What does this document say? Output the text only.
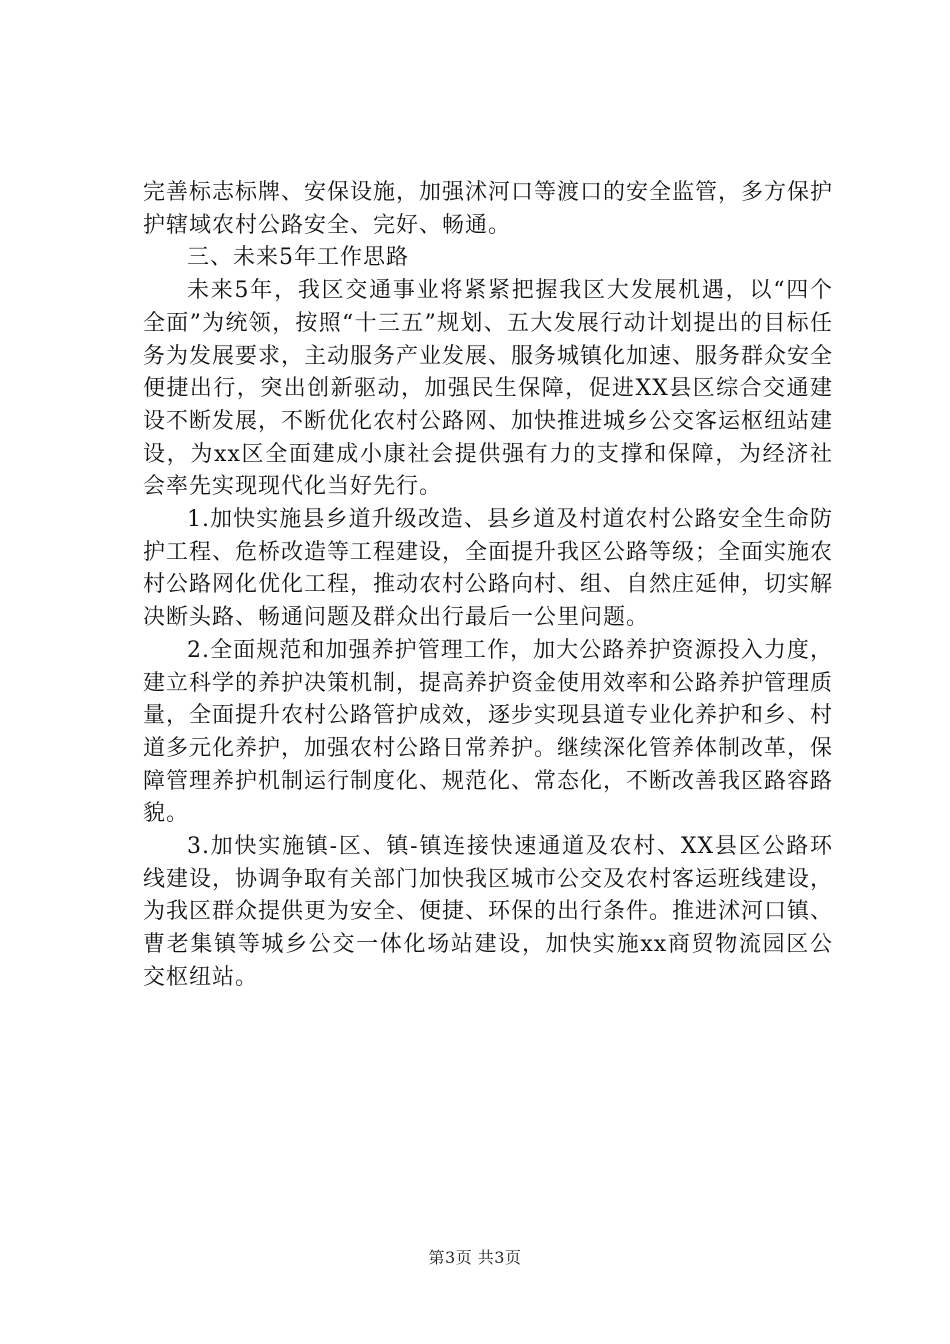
完善标志标牌、安保设施，加强沭河口等渡口的安全监管，多方保护护辖域农村公路安全、完好、畅通。

三、未来5年工作思路

未来5年，我区交通事业将紧紧把握我区大发展机遇，以“四个全面”为统领，按照“十三五”规划、五大发展行动计划提出的目标任务为发展要求，主动服务产业发展、服务城镇化加速、服务群众安全便捷出行，突出创新驱动，加强民生保障，促进XX县区综合交通建设不断发展，不断优化农村公路网、加快推进城乡公交客运枢纽站建设，为xx区全面建成小康社会提供强有力的支撑和保障，为经济社会率先实现现代化当好先行。

1.加快实施县乡道升级改造、县乡道及村道农村公路安全生命防护工程、危桥改造等工程建设，全面提升我区公路等级；全面实施农村公路网化优化工程，推动农村公路向村、组、自然庄延伸，切实解决断头路、畅通问题及群众出行最后一公里问题。

2.全面规范和加强养护管理工作，加大公路养护资源投入力度，建立科学的养护决策机制，提高养护资金使用效率和公路养护管理质量，全面提升农村公路管护成效，逐步实现县道专业化养护和乡、村道多元化养护，加强农村公路日常养护。继续深化管养体制改革，保障管理养护机制运行制度化、规范化、常态化，不断改善我区路容路貌。

3.加快实施镇-区、镇-镇连接快速通道及农村、XX县区公路环线建设，协调争取有关部门加快我区城市公交及农村客运班线建设，为我区群众提供更为安全、便捷、环保的出行条件。推进沭河口镇、曹老集镇等城乡公交一体化场站建设，加快实施xx商贸物流园区公交枢纽站。

第3页 共3页
